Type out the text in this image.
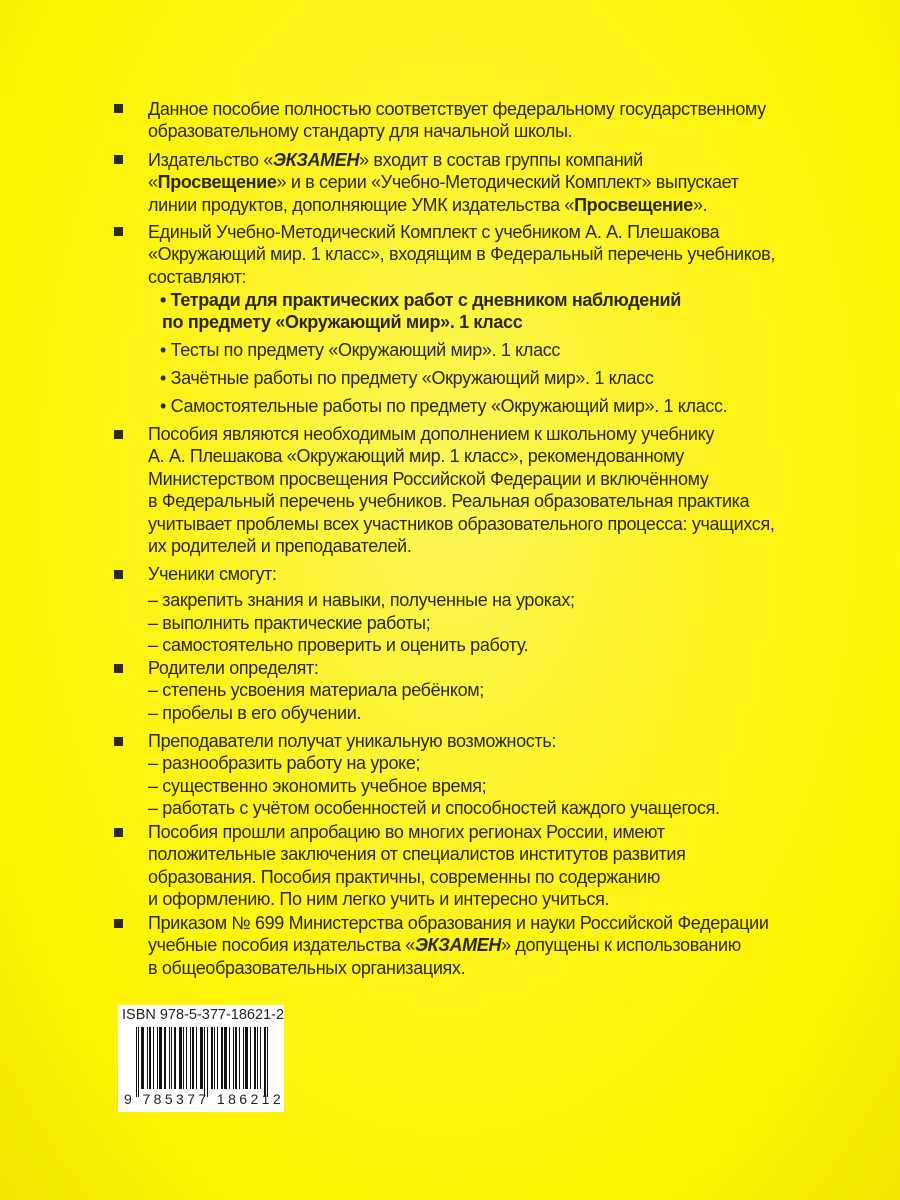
Данное пособие полностью соответствует федеральному государственному
образовательному стандарту для начальной школы.
Издательство «ЭКЗАМЕН» входит в состав группы компаний
«Просвещение» и в серии «Учебно-Методический Комплект» выпускает
линии продуктов, дополняющие УМК издательства «Просвещение».
Единый Учебно-Методический Комплект с учебником А. А. Плешакова
«Окружающий мир. 1 класс», входящим в Федеральный перечень учебников,
составляют:
• Тетради для практических работ с дневником наблюдений
по предмету «Окружающий мир». 1 класс
• Тесты по предмету «Окружающий мир». 1 класс
• Зачётные работы по предмету «Окружающий мир». 1 класс
• Самостоятельные работы по предмету «Окружающий мир». 1 класс.
Пособия являются необходимым дополнением к школьному учебнику
А. А. Плешакова «Окружающий мир. 1 класс», рекомендованному
Министерством просвещения Российской Федерации и включённому
в Федеральный перечень учебников. Реальная образовательная практика
учитывает проблемы всех участников образовательного процесса: учащихся,
их родителей и преподавателей.
Ученики смогут:
– закрепить знания и навыки, полученные на уроках;
– выполнить практические работы;
– самостоятельно проверить и оценить работу.
Родители определят:
– степень усвоения материала ребёнком;
– пробелы в его обучении.
Преподаватели получат уникальную возможность:
– разнообразить работу на уроке;
– существенно экономить учебное время;
– работать с учётом особенностей и способностей каждого учащегося.
Пособия прошли апробацию во многих регионах России, имеют
положительные заключения от специалистов институтов развития
образования. Пособия практичны, современны по содержанию
и оформлению. По ним легко учить и интересно учиться.
Приказом № 699 Министерства образования и науки Российской Федерации
учебные пособия издательства «ЭКЗАМЕН» допущены к использованию
в общеобразовательных организациях.
ISBN 978-5-377-18621-2
9 785377 186212
